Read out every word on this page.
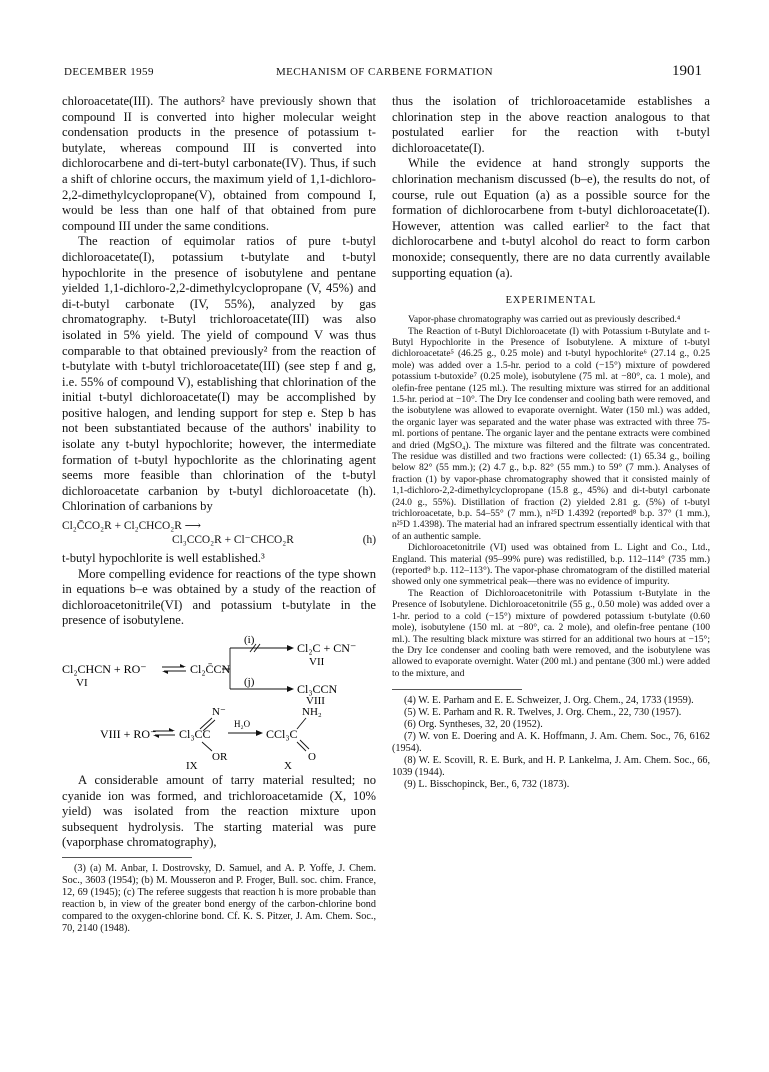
DECEMBER 1959	MECHANISM OF CARBENE FORMATION	1901

chloroacetate(III). The authors² have previously shown that compound II is converted into higher molecular weight condensation products in the presence of potassium t-butylate, whereas compound III is converted into dichlorocarbene and di-tert-butyl carbonate(IV). Thus, if such a shift of chlorine occurs, the maximum yield of 1,1-dichloro-2,2-dimethylcyclopropane(V), obtained from compound I, would be less than one half of that obtained from pure compound III under the same conditions.

The reaction of equimolar ratios of pure t-butyl dichloroacetate(I), potassium t-butylate and t-butyl hypochlorite in the presence of isobutylene and pentane yielded 1,1-dichloro-2,2-dimethylcyclopropane (V, 45%) and di-t-butyl carbonate (IV, 55%), analyzed by gas chromatography. t-Butyl trichloroacetate(III) was also isolated in 5% yield. The yield of compound V was thus comparable to that obtained previously² from the reaction of t-butylate with t-butyl trichloroacetate(III) (see step f and g, i.e. 55% of compound V), establishing that chlorination of the initial t-butyl dichloroacetate(I) may be accomplished by positive halogen, and lending support for step e. Step b has not been substantiated because of the authors' inability to isolate any t-butyl hypochlorite; however, the intermediate formation of t-butyl hypochlorite as the chlorinating agent seems more feasible than chlorination of the t-butyl dichloroacetate carbanion by t-butyl dichloroacetate (h). Chlorination of carbanions by

Cl₂C̄CO₂R + Cl₂CHCO₂R ⟶
Cl₃CCO₂R + Cl⁻CHCO₂R	(h)

t-butyl hypochlorite is well established.³

More compelling evidence for reactions of the type shown in equations b–e was obtained by a study of the reaction of dichloroacetonitrile(VI) and potassium t-butylate in the presence of isobutylene.

(i)
Cl₂C + CN⁻
VII
Cl₂CHCN + RO⁻
VI
Cl₂C̄CN
(j)	Cl₃CCN
VIII
N⁻	NH₂
H₂O
VIII + RO⁻ Cl₃CC	CCl₃C
OR	O
IX	X

A considerable amount of tarry material resulted; no cyanide ion was formed, and trichloroacetamide (X, 10% yield) was isolated from the reaction mixture upon subsequent hydrolysis. The starting material was pure (vaporphase chromatography),

(3) (a) M. Anbar, I. Dostrovsky, D. Samuel, and A. P. Yoffe, J. Chem. Soc., 3603 (1954); (b) M. Mousseron and P. Froger, Bull. soc. chim. France, 12, 69 (1945); (c) The referee suggests that reaction h is more probable than reaction b, in view of the greater bond energy of the carbon-chlorine bond compared to the oxygen-chlorine bond. Cf. K. S. Pitzer, J. Am. Chem. Soc., 70, 2140 (1948).

thus the isolation of trichloroacetamide establishes a chlorination step in the above reaction analogous to that postulated earlier for the reaction with t-butyl dichloroacetate(I).

While the evidence at hand strongly supports the chlorination mechanism discussed (b–e), the results do not, of course, rule out Equation (a) as a possible source for the formation of dichlorocarbene from t-butyl dichloroacetate(I). However, attention was called earlier² to the fact that dichlorocarbene and t-butyl alcohol do react to form carbon monoxide; consequently, there are no data currently available supporting equation (a).

EXPERIMENTAL

Vapor-phase chromatography was carried out as previously described.⁴

The Reaction of t-Butyl Dichloroacetate (I) with Potassium t-Butylate and t-Butyl Hypochlorite in the Presence of Isobutylene. A mixture of t-butyl dichloroacetate⁵ (46.25 g., 0.25 mole) and t-butyl hypochlorite⁶ (27.14 g., 0.25 mole) was added over a 1.5-hr. period to a cold (−15°) mixture of powdered potassium t-butoxide⁷ (0.25 mole), isobutylene (75 ml. at −80°, ca. 1 mole), and olefin-free pentane (125 ml.). The resulting mixture was stirred for an additional 1.5-hr. period at −10°. The Dry Ice condenser and cooling bath were removed, and the isobutylene was allowed to evaporate overnight. Water (150 ml.) was added, the organic layer was separated and the water phase was extracted with three 75-ml. portions of pentane. The organic layer and the pentane extracts were combined and dried (MgSO₄). The mixture was filtered and the filtrate was concentrated. The residue was distilled and two fractions were collected: (1) 65.34 g., boiling below 82° (55 mm.); (2) 4.7 g., b.p. 82° (55 mm.) to 59° (7 mm.). Analyses of fraction (1) by vapor-phase chromatography showed that it consisted mainly of 1,1-dichloro-2,2-dimethylcyclopropane (15.8 g., 45%) and di-t-butyl carbonate (24.0 g., 55%). Distillation of fraction (2) yielded 2.81 g. (5%) of t-butyl trichloroacetate, b.p. 54–55° (7 mm.), n²⁵D 1.4392 (reported⁸ b.p. 37° (1 mm.), n²⁵D 1.4398). The material had an infrared spectrum essentially identical with that of an authentic sample.

Dichloroacetonitrile (VI) used was obtained from L. Light and Co., Ltd., England. This material (95–99% pure) was redistilled, b.p. 112–114° (735 mm.) (reported⁹ b.p. 112–113°). The vapor-phase chromatogram of the distilled material showed only one symmetrical peak—there was no evidence of impurity.

The Reaction of Dichloroacetonitrile with Potassium t-Butylate in the Presence of Isobutylene. Dichloroacetonitrile (55 g., 0.50 mole) was added over a 1-hr. period to a cold (−15°) mixture of powdered potassium t-butylate (0.60 mole), isobutylene (150 ml. at −80°, ca. 2 mole), and olefin-free pentane (100 ml.). The resulting black mixture was stirred for an additional two hours at −15°; the Dry Ice condenser and cooling bath were removed, and the isobutylene was allowed to evaporate overnight. Water (200 ml.) and pentane (300 ml.) were added to the mixture, and

(4) W. E. Parham and E. E. Schweizer, J. Org. Chem., 24, 1733 (1959).

(5) W. E. Parham and R. R. Twelves, J. Org. Chem., 22, 730 (1957).

(6) Org. Syntheses, 32, 20 (1952).

(7) W. von E. Doering and A. K. Hoffmann, J. Am. Chem. Soc., 76, 6162 (1954).

(8) W. E. Scovill, R. E. Burk, and H. P. Lankelma, J. Am. Chem. Soc., 66, 1039 (1944).

(9) L. Bisschopinck, Ber., 6, 732 (1873).
